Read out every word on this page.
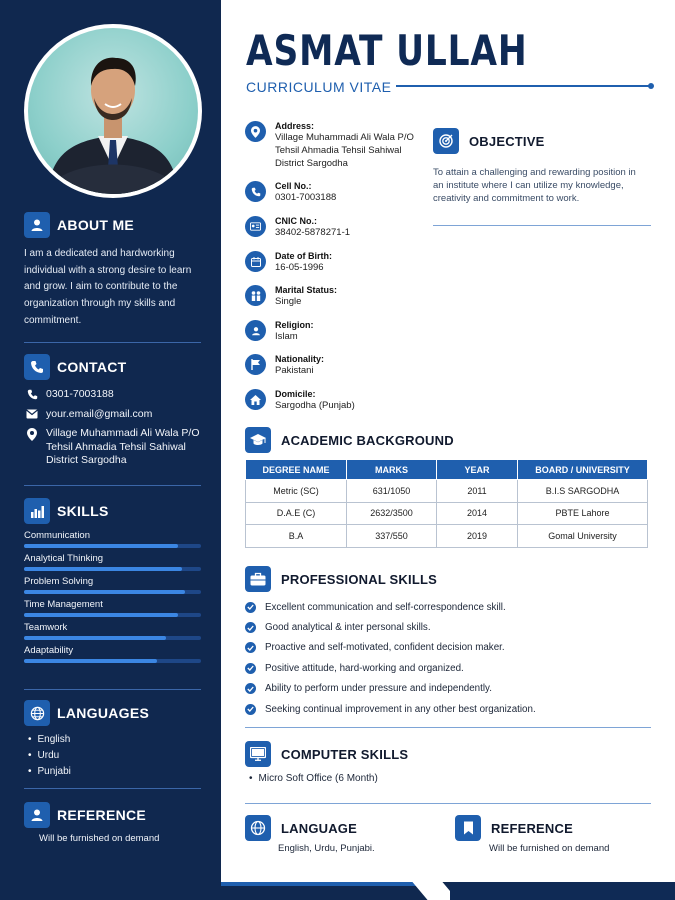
ABOUT ME
I am a dedicated and hardworking individual with a strong desire to learn and grow. I aim to contribute to the organization through my skills and commitment.
CONTACT
0301-7003188
your.email@gmail.com
Village Muhammadi Ali Wala P/O Tehsil Ahmadia Tehsil Sahiwal District Sargodha
SKILLS
Communication
Analytical Thinking
Problem Solving
Time Management
Teamwork
Adaptability
LANGUAGES
• English
• Urdu
• Punjabi
REFERENCE
Will be furnished on demand
ASMAT ULLAH
CURRICULUM VITAE
Address:
Village Muhammadi Ali Wala P/O Tehsil Ahmadia Tehsil Sahiwal District Sargodha
Cell No.:
0301-7003188
CNIC No.:
38402-5878271-1
Date of Birth:
16-05-1996
Marital Status:
Single
Religion:
Islam
Nationality:
Pakistani
Domicile:
Sargodha (Punjab)
OBJECTIVE
To attain a challenging and rewarding position in an institute where I can utilize my knowledge, creativity and commitment to work.
ACADEMIC BACKGROUND
DEGREE NAME	MARKS	YEAR	BOARD / UNIVERSITY
Metric (SC)	631/1050	2011	B.I.S SARGODHA
D.A.E (C)	2632/3500	2014	PBTE Lahore
B.A	337/550	2019	Gomal University
PROFESSIONAL SKILLS
Excellent communication and self-correspondence skill.
Good analytical & inter personal skills.
Proactive and self-motivated, confident decision maker.
Positive attitude, hard-working and organized.
Ability to perform under pressure and independently.
Seeking continual improvement in any other best organization.
COMPUTER SKILLS
• Micro Soft Office (6 Month)
LANGUAGE
English, Urdu, Punjabi.
REFERENCE
Will be furnished on demand
